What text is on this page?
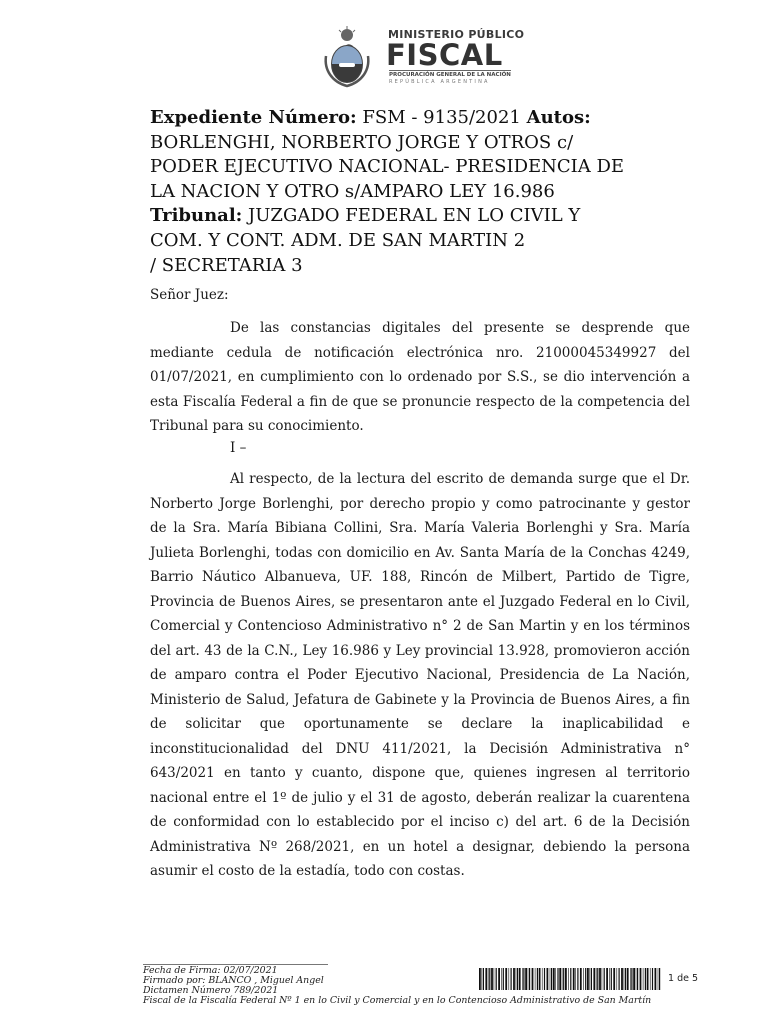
MINISTERIO PÚBLICO
FISCAL
PROCURACIÓN GENERAL DE LA NACIÓN
REPÚBLICA ARGENTINA
Expediente Número: FSM - 9135/2021 Autos:
BORLENGHI, NORBERTO JORGE Y OTROS c/
PODER EJECUTIVO NACIONAL- PRESIDENCIA DE
LA NACION Y OTRO s/AMPARO LEY 16.986
Tribunal: JUZGADO FEDERAL EN LO CIVIL Y
COM. Y CONT. ADM. DE SAN MARTIN 2
/ SECRETARIA 3
Señor Juez:
De las constancias digitales del presente se desprende que mediante cedula de notificación electrónica nro. 21000045349927 del 01/07/2021, en cumplimiento con lo ordenado por S.S., se dio intervención a esta Fiscalía Federal a fin de que se pronuncie respecto de la competencia del Tribunal para su conocimiento.
I –
Al respecto, de la lectura del escrito de demanda surge que el Dr. Norberto Jorge Borlenghi, por derecho propio y como patrocinante y gestor de la Sra. María Bibiana Collini, Sra. María Valeria Borlenghi y Sra. María Julieta Borlenghi, todas con domicilio en Av. Santa María de la Conchas 4249, Barrio Náutico Albanueva, UF. 188, Rincón de Milbert, Partido de Tigre, Provincia de Buenos Aires, se presentaron ante el Juzgado Federal en lo Civil, Comercial y Contencioso Administrativo n° 2 de San Martin y en los términos del art. 43 de la C.N., Ley 16.986 y Ley provincial 13.928, promovieron acción de amparo contra el Poder Ejecutivo Nacional, Presidencia de La Nación, Ministerio de Salud, Jefatura de Gabinete y la Provincia de Buenos Aires, a fin de solicitar que oportunamente se declare la inaplicabilidad e inconstitucionalidad del DNU 411/2021, la Decisión Administrativa n° 643/2021 en tanto y cuanto, dispone que, quienes ingresen al territorio nacional entre el 1º de julio y el 31 de agosto, deberán realizar la cuarentena de conformidad con lo establecido por el inciso c) del art. 6 de la Decisión Administrativa Nº 268/2021, en un hotel a designar, debiendo la persona asumir el costo de la estadía, todo con costas.
Fecha de Firma: 02/07/2021
Firmado por: BLANCO , Miguel Angel
Dictamen Número 789/2021
Fiscal de la Fiscalía Federal Nº 1 en lo Civil y Comercial y en lo Contencioso Administrativo de San Martín
1 de 5
